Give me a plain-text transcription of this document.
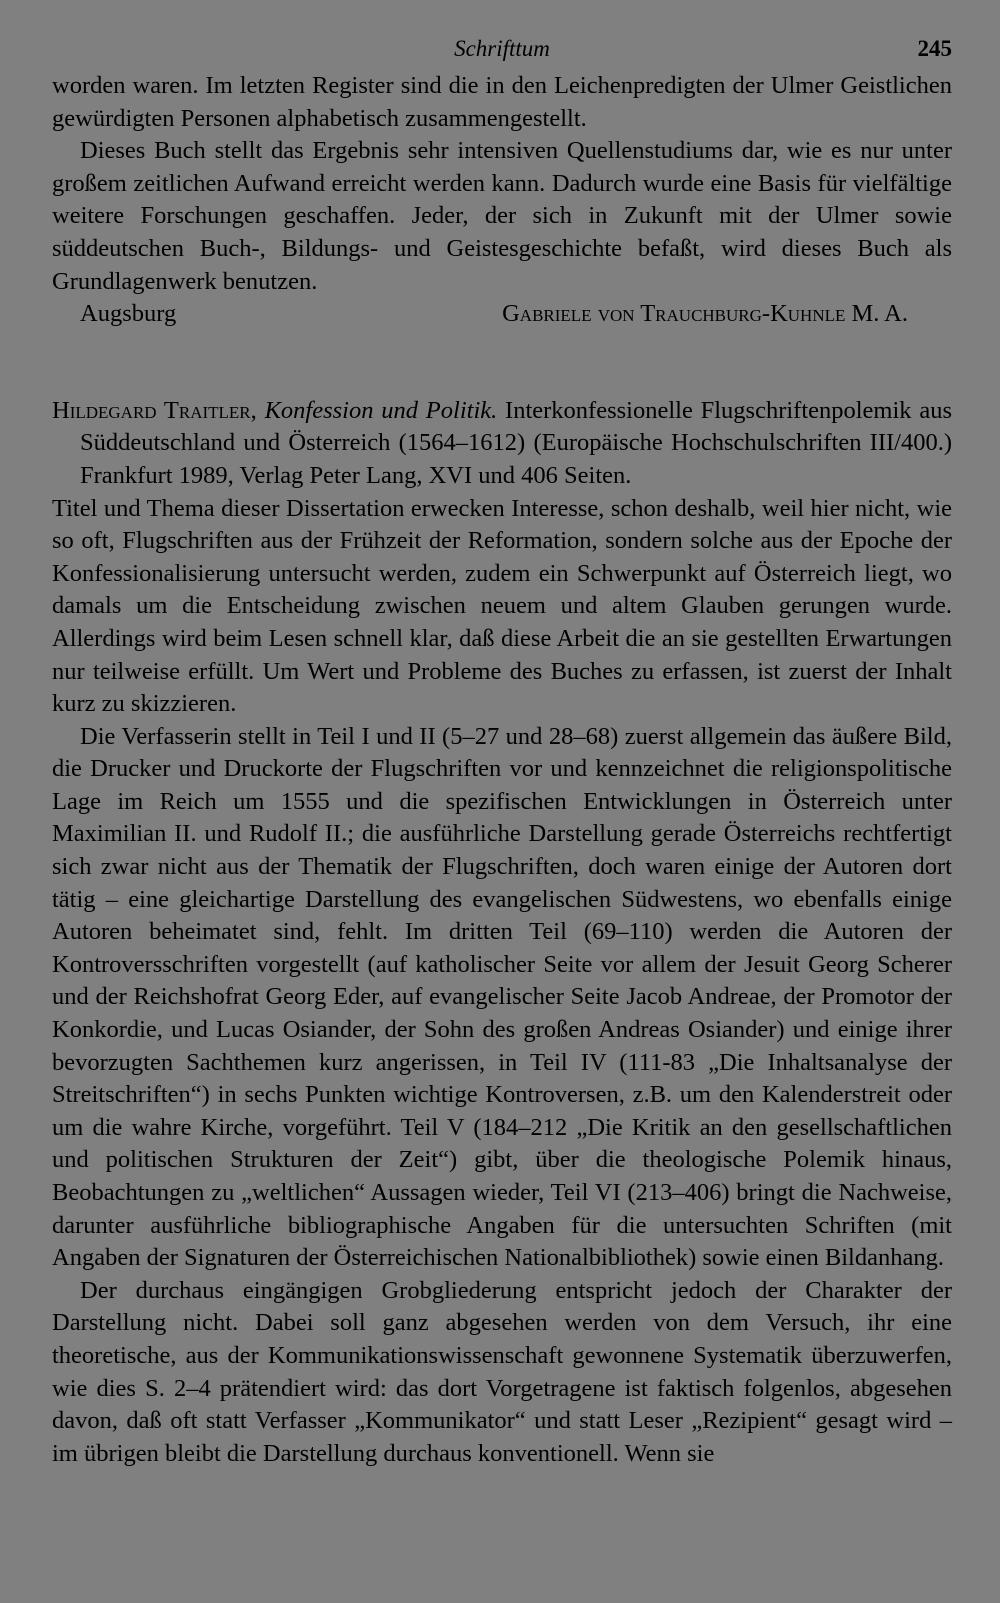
Schrifttum	245

worden waren. Im letzten Register sind die in den Leichenpredigten der Ulmer Geistlichen gewürdigten Personen alphabetisch zusammengestellt.

Dieses Buch stellt das Ergebnis sehr intensiven Quellenstudiums dar, wie es nur unter großem zeitlichen Aufwand erreicht werden kann. Dadurch wurde eine Basis für vielfältige weitere Forschungen geschaffen. Jeder, der sich in Zukunft mit der Ulmer sowie süddeutschen Buch-, Bildungs- und Geistesgeschichte befaßt, wird dieses Buch als Grundlagenwerk benutzen.

Augsburg	Gabriele von Trauchburg-Kuhnle M. A.

Hildegard Traitler, Konfession und Politik. Interkonfessionelle Flugschriftenpolemik aus Süddeutschland und Österreich (1564–1612) (Europäische Hochschulschriften III/400.) Frankfurt 1989, Verlag Peter Lang, XVI und 406 Seiten.

Titel und Thema dieser Dissertation erwecken Interesse, schon deshalb, weil hier nicht, wie so oft, Flugschriften aus der Frühzeit der Reformation, sondern solche aus der Epoche der Konfessionalisierung untersucht werden, zudem ein Schwerpunkt auf Österreich liegt, wo damals um die Entscheidung zwischen neuem und altem Glauben gerungen wurde. Allerdings wird beim Lesen schnell klar, daß diese Arbeit die an sie gestellten Erwartungen nur teilweise erfüllt. Um Wert und Probleme des Buches zu erfassen, ist zuerst der Inhalt kurz zu skizzieren.

Die Verfasserin stellt in Teil I und II (5–27 und 28–68) zuerst allgemein das äußere Bild, die Drucker und Druckorte der Flugschriften vor und kennzeichnet die religionspolitische Lage im Reich um 1555 und die spezifischen Entwicklungen in Österreich unter Maximilian II. und Rudolf II.; die ausführliche Darstellung gerade Österreichs rechtfertigt sich zwar nicht aus der Thematik der Flugschriften, doch waren einige der Autoren dort tätig – eine gleichartige Darstellung des evangelischen Südwestens, wo ebenfalls einige Autoren beheimatet sind, fehlt. Im dritten Teil (69–110) werden die Autoren der Kontroversschriften vorgestellt (auf katholischer Seite vor allem der Jesuit Georg Scherer und der Reichshofrat Georg Eder, auf evangelischer Seite Jacob Andreae, der Promotor der Konkordie, und Lucas Osiander, der Sohn des großen Andreas Osiander) und einige ihrer bevorzugten Sachthemen kurz angerissen, in Teil IV (111-83 „Die Inhaltsanalyse der Streitschriften“) in sechs Punkten wichtige Kontroversen, z.B. um den Kalenderstreit oder um die wahre Kirche, vorgeführt. Teil V (184–212 „Die Kritik an den gesellschaftlichen und politischen Strukturen der Zeit“) gibt, über die theologische Polemik hinaus, Beobachtungen zu „weltlichen“ Aussagen wieder, Teil VI (213–406) bringt die Nachweise, darunter ausführliche bibliographische Angaben für die untersuchten Schriften (mit Angaben der Signaturen der Österreichischen Nationalbibliothek) sowie einen Bildanhang.

Der durchaus eingängigen Grobgliederung entspricht jedoch der Charakter der Darstellung nicht. Dabei soll ganz abgesehen werden von dem Versuch, ihr eine theoretische, aus der Kommunikationswissenschaft gewonnene Systematik überzuwerfen, wie dies S. 2–4 prätendiert wird: das dort Vorgetragene ist faktisch folgenlos, abgesehen davon, daß oft statt Verfasser „Kommunikator“ und statt Leser „Rezipient“ gesagt wird – im übrigen bleibt die Darstellung durchaus konventionell. Wenn sie
